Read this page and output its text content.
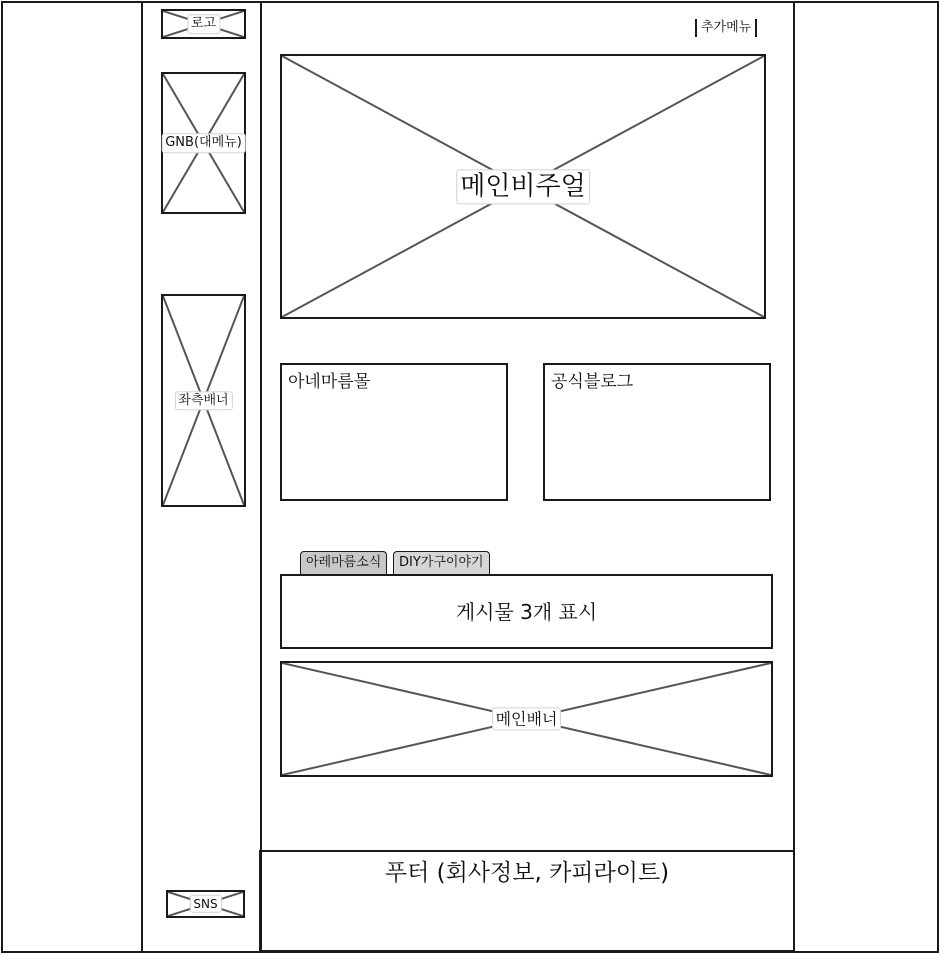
로고
GNB(대메뉴)
좌측배너
SNS
추가메뉴
메인비주얼
아네마름몰	공식블로그
아레마름소식	DIY가구이야기
게시물 3개 표시
메인배너
푸터 (회사정보, 카피라이트)
